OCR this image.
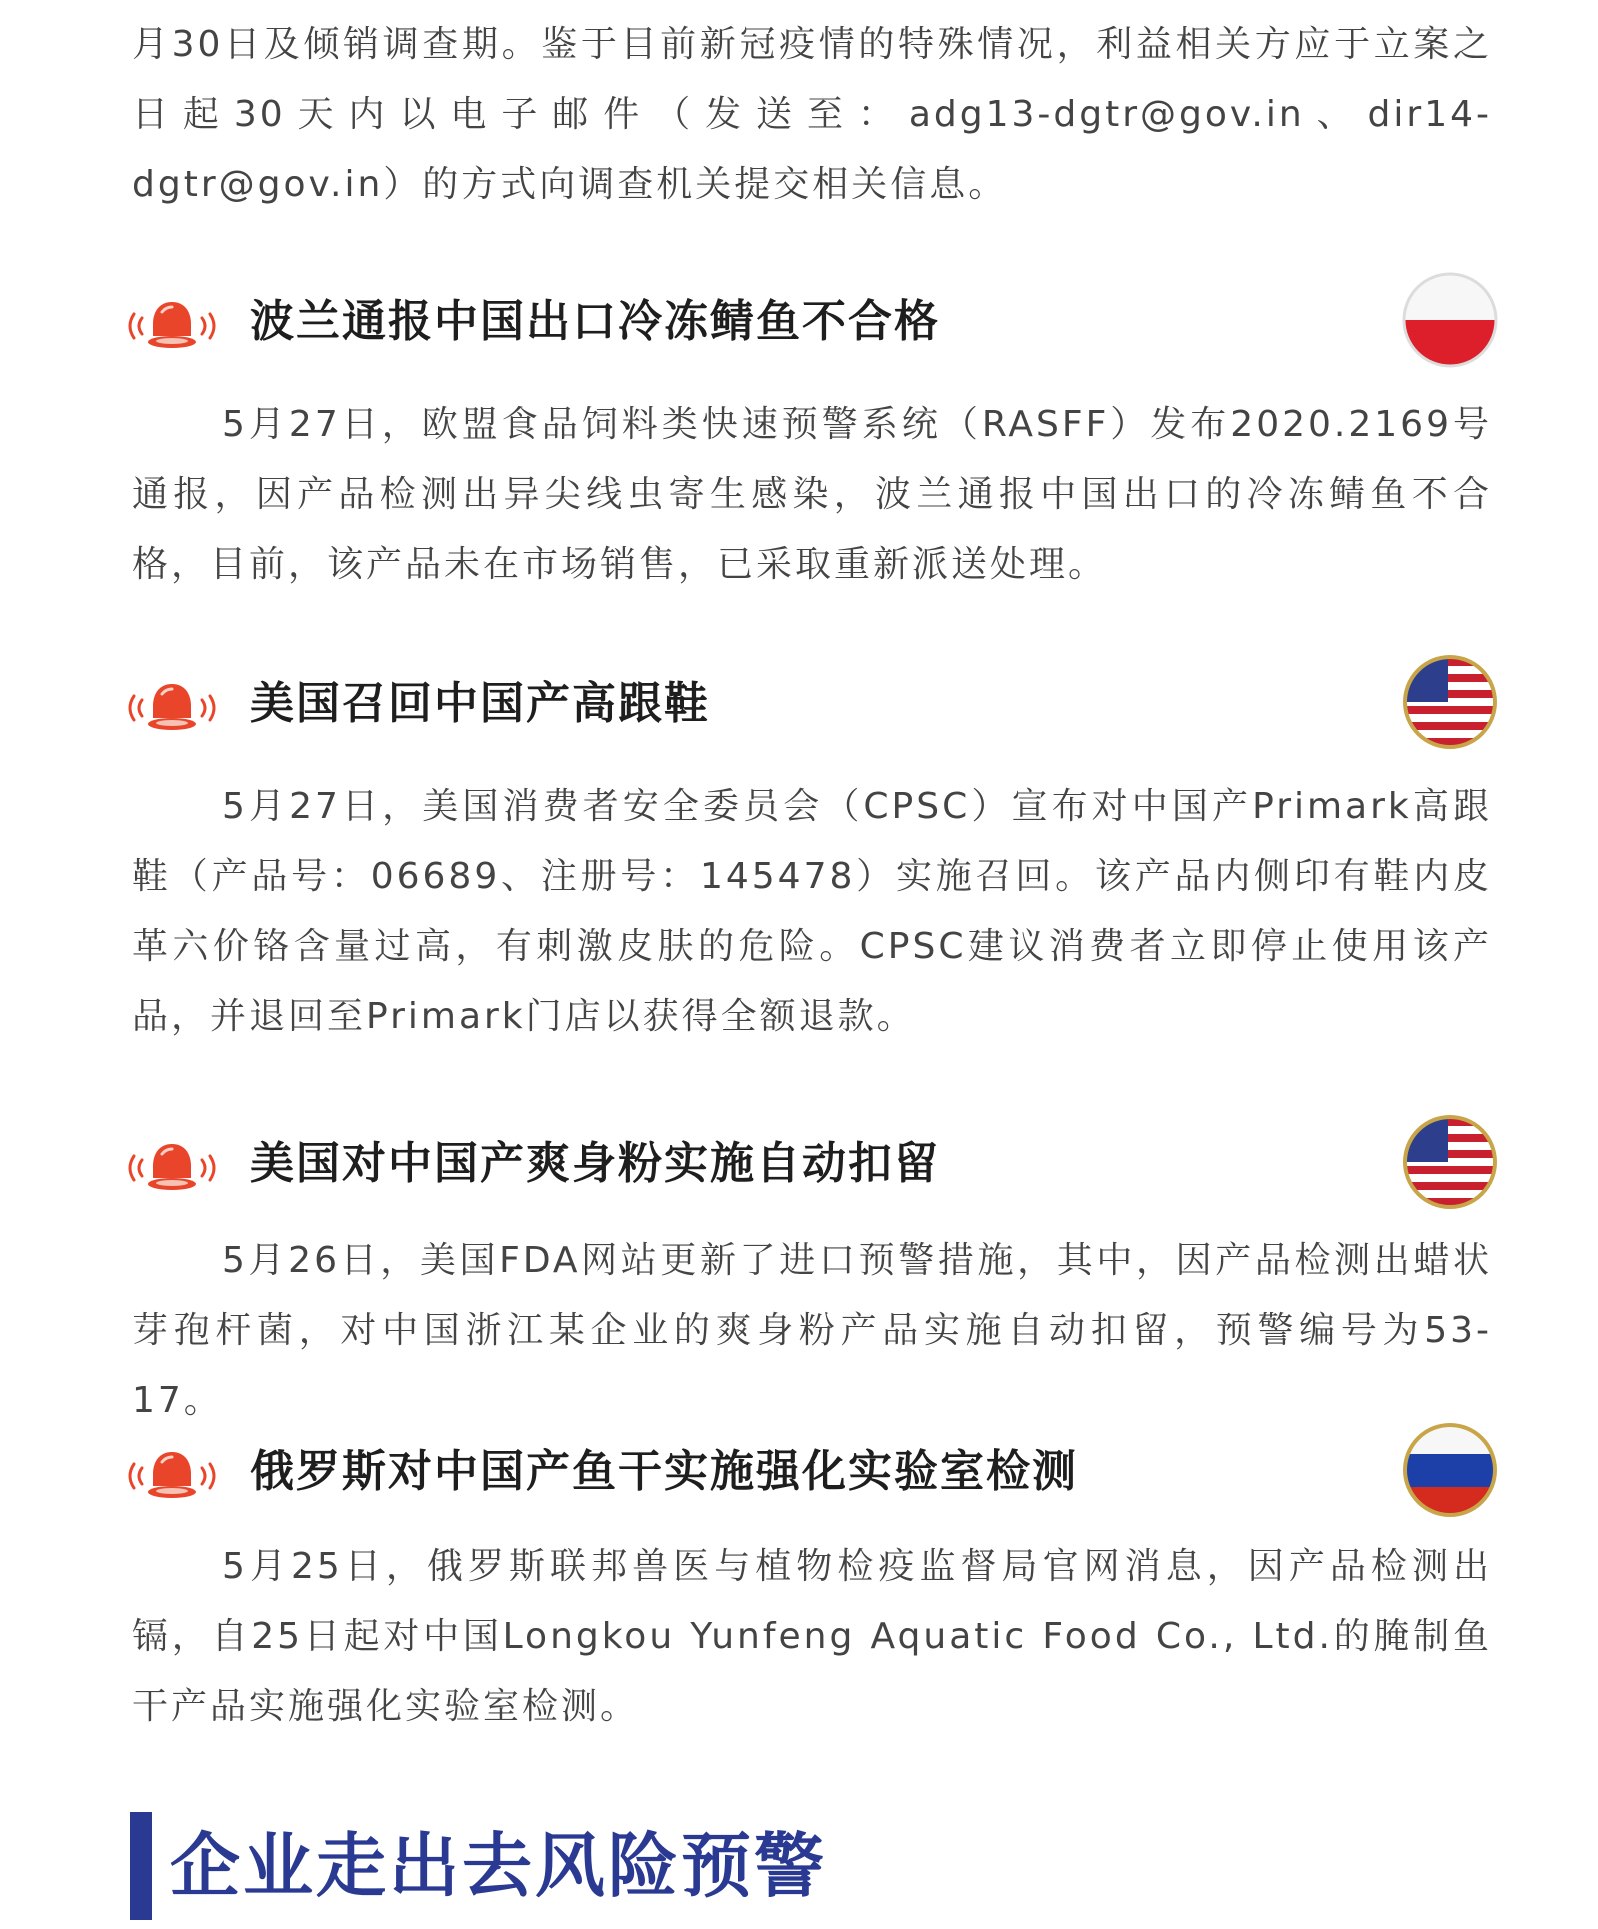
月30日及倾销调查期。鉴于目前新冠疫情的特殊情况，利益相关方应于立案之日起30天内以电子邮件（发送至：adg13-dgtr@gov.in、dir14-dgtr@gov.in）的方式向调查机关提交相关信息。

波兰通报中国出口冷冻鲭鱼不合格

5月27日，欧盟食品饲料类快速预警系统（RASFF）发布2020.2169号通报，因产品检测出异尖线虫寄生感染，波兰通报中国出口的冷冻鲭鱼不合格，目前，该产品未在市场销售，已采取重新派送处理。

美国召回中国产高跟鞋

5月27日，美国消费者安全委员会（CPSC）宣布对中国产Primark高跟鞋（产品号：06689、注册号：145478）实施召回。该产品内侧印有鞋内皮革六价铬含量过高，有刺激皮肤的危险。CPSC建议消费者立即停止使用该产品，并退回至Primark门店以获得全额退款。

美国对中国产爽身粉实施自动扣留

5月26日，美国FDA网站更新了进口预警措施，其中，因产品检测出蜡状芽孢杆菌，对中国浙江某企业的爽身粉产品实施自动扣留，预警编号为53-17。

俄罗斯对中国产鱼干实施强化实验室检测

5月25日，俄罗斯联邦兽医与植物检疫监督局官网消息，因产品检测出镉，自25日起对中国Longkou Yunfeng Aquatic Food Co., Ltd.的腌制鱼干产品实施强化实验室检测。

企业走出去风险预警
